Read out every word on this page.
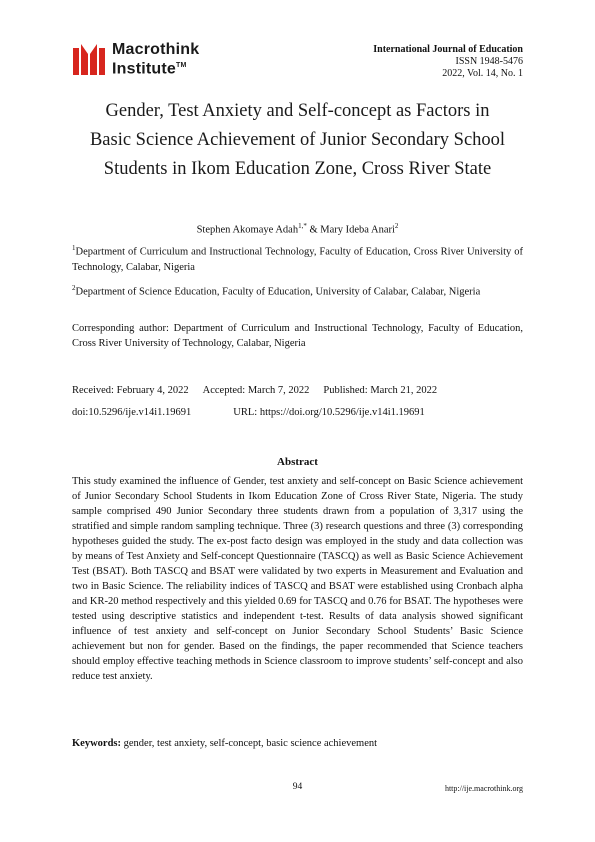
Macrothink
Institute™
International Journal of Education
ISSN 1948-5476
2022, Vol. 14, No. 1
Gender, Test Anxiety and Self-concept as Factors in
Basic Science Achievement of Junior Secondary School
Students in Ikom Education Zone, Cross River State
Stephen Akomaye Adah$^{1,*}$ & Mary Ideba Anari$^2$
$^1$Department of Curriculum and Instructional Technology, Faculty of Education, Cross River University of Technology, Calabar, Nigeria
$^2$Department of Science Education, Faculty of Education, University of Calabar, Calabar, Nigeria
Corresponding author: Department of Curriculum and Instructional Technology, Faculty of Education, Cross River University of Technology, Calabar, Nigeria
Received: February 4, 2022 Accepted: March 7, 2022 Published: March 21, 2022
doi:10.5296/ije.v14i1.19691	URL: https://doi.org/10.5296/ije.v14i1.19691
Abstract
This study examined the influence of Gender, test anxiety and self-concept on Basic Science achievement of Junior Secondary School Students in Ikom Education Zone of Cross River State, Nigeria. The study sample comprised 490 Junior Secondary three students drawn from a population of 3,317 using the stratified and simple random sampling technique. Three (3) research questions and three (3) corresponding hypotheses guided the study. The ex-post facto design was employed in the study and data collection was by means of Test Anxiety and Self-concept Questionnaire (TASCQ) as well as Basic Science Achievement Test (BSAT). Both TASCQ and BSAT were validated by two experts in Measurement and Evaluation and two in Basic Science. The reliability indices of TASCQ and BSAT were established using Cronbach alpha and KR-20 method respectively and this yielded 0.69 for TASCQ and 0.76 for BSAT. The hypotheses were tested using descriptive statistics and independent t-test. Results of data analysis showed significant influence of test anxiety and self-concept on Junior Secondary School Students’ Basic Science achievement but non for gender. Based on the findings, the paper recommended that Science teachers should employ effective teaching methods in Science classroom to improve students’ self-concept and also reduce test anxiety.
Keywords: gender, test anxiety, self-concept, basic science achievement
94	http://ije.macrothink.org
